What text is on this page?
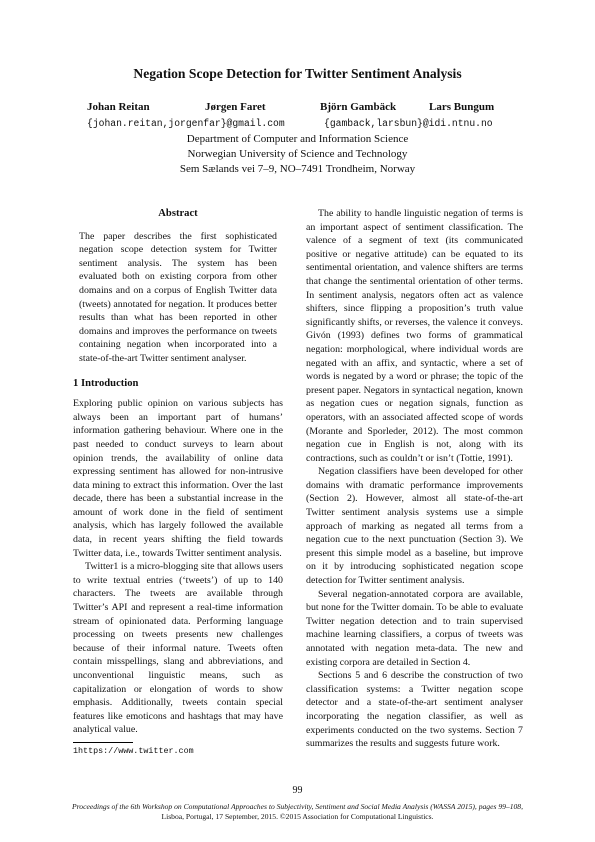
Negation Scope Detection for Twitter Sentiment Analysis
Johan Reitan	Jørgen Faret	Björn Gambäck	Lars Bungum
{johan.reitan,jorgenfar}@gmail.com	{gamback,larsbun}@idi.ntnu.no
Department of Computer and Information Science
Norwegian University of Science and Technology
Sem Sælands vei 7–9, NO–7491 Trondheim, Norway
Abstract

The paper describes the first sophisticated negation scope detection system for Twitter sentiment analysis. The system has been evaluated both on existing corpora from other domains and on a corpus of English Twitter data (tweets) annotated for negation. It produces better results than what has been reported in other domains and improves the performance on tweets containing negation when incorporated into a state-of-the-art Twitter sentiment analyser.

1 Introduction

Exploring public opinion on various subjects has always been an important part of humans’ information gathering behaviour. Where one in the past needed to conduct surveys to learn about opinion trends, the availability of online data expressing sentiment has allowed for non-intrusive data mining to extract this information. Over the last decade, there has been a substantial increase in the amount of work done in the field of sentiment analysis, which has largely followed the available data, in recent years shifting the field towards Twitter data, i.e., towards Twitter sentiment analysis.

Twitter1 is a micro-blogging site that allows users to write textual entries (‘tweets’) of up to 140 characters. The tweets are available through Twitter’s API and represent a real-time information stream of opinionated data. Performing language processing on tweets presents new challenges because of their informal nature. Tweets often contain misspellings, slang and abbreviations, and unconventional linguistic means, such as capitalization or elongation of words to show emphasis. Additionally, tweets contain special features like emoticons and hashtags that may have analytical value.

1https://www.twitter.com

The ability to handle linguistic negation of terms is an important aspect of sentiment classification. The valence of a segment of text (its communicated positive or negative attitude) can be equated to its sentimental orientation, and valence shifters are terms that change the sentimental orientation of other terms. In sentiment analysis, negators often act as valence shifters, since flipping a proposition’s truth value significantly shifts, or reverses, the valence it conveys. Givón (1993) defines two forms of grammatical negation: morphological, where individual words are negated with an affix, and syntactic, where a set of words is negated by a word or phrase; the topic of the present paper. Negators in syntactical negation, known as negation cues or negation signals, function as operators, with an associated affected scope of words (Morante and Sporleder, 2012). The most common negation cue in English is not, along with its contractions, such as couldn’t or isn’t (Tottie, 1991).

Negation classifiers have been developed for other domains with dramatic performance improvements (Section 2). However, almost all state-of-the-art Twitter sentiment analysis systems use a simple approach of marking as negated all terms from a negation cue to the next punctuation (Section 3). We present this simple model as a baseline, but improve on it by introducing sophisticated negation scope detection for Twitter sentiment analysis.

Several negation-annotated corpora are available, but none for the Twitter domain. To be able to evaluate Twitter negation detection and to train supervised machine learning classifiers, a corpus of tweets was annotated with negation meta-data. The new and existing corpora are detailed in Section 4.

Sections 5 and 6 describe the construction of two classification systems: a Twitter negation scope detector and a state-of-the-art sentiment analyser incorporating the negation classifier, as well as experiments conducted on the two systems. Section 7 summarizes the results and suggests future work.

99
Proceedings of the 6th Workshop on Computational Approaches to Subjectivity, Sentiment and Social Media Analysis (WASSA 2015), pages 99–108,
Lisboa, Portugal, 17 September, 2015. ©2015 Association for Computational Linguistics.
